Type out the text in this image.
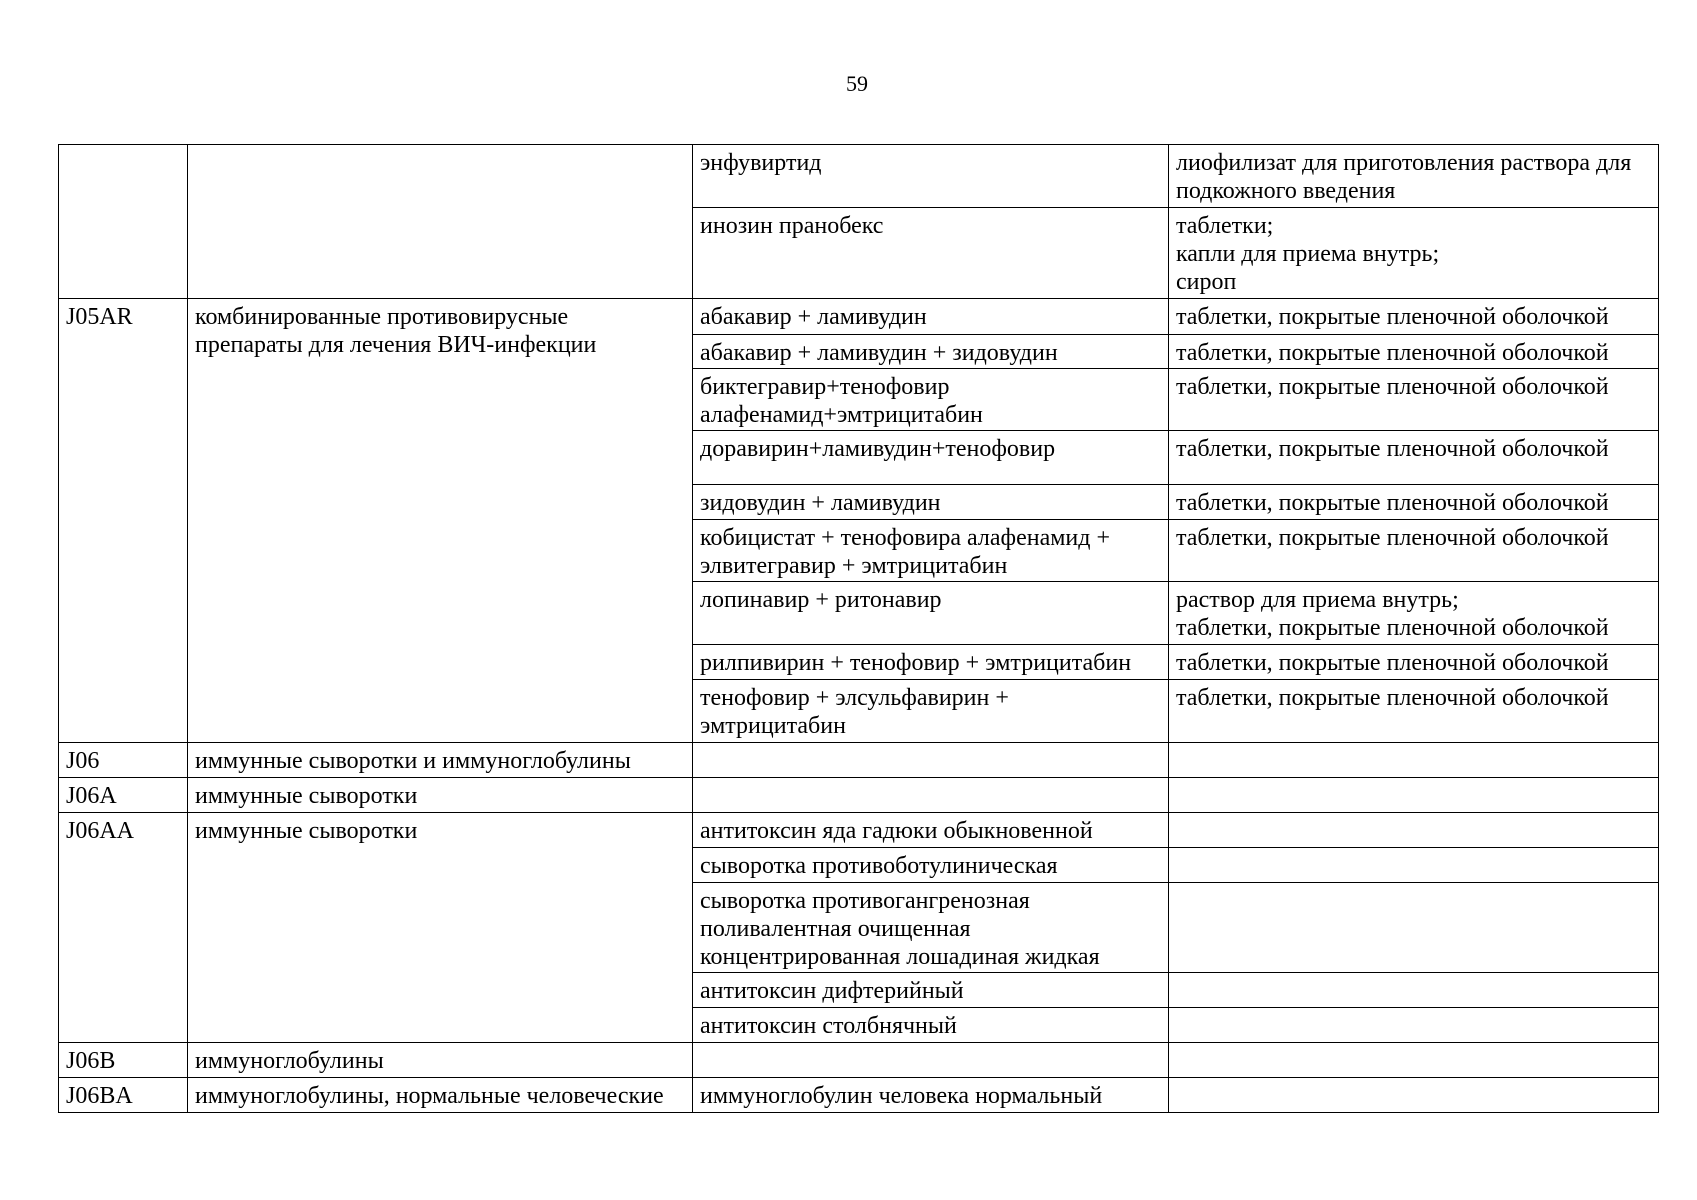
59

		энфувиртид	лиофилизат для приготовления раствора для
подкожного введения

		инозин пранобекс	таблетки;
капли для приема внутрь;
сироп

J05AR	комбинированные противовирусные
препараты для лечения ВИЧ-инфекции	абакавир + ламивудин	таблетки, покрытые пленочной оболочкой

		абакавир + ламивудин + зидовудин	таблетки, покрытые пленочной оболочкой

		биктегравир+тенофовир
алафенамид+эмтрицитабин	таблетки, покрытые пленочной оболочкой

		доравирин+ламивудин+тенофовир	таблетки, покрытые пленочной оболочкой

		зидовудин + ламивудин	таблетки, покрытые пленочной оболочкой

		кобицистат + тенофовира алафенамид +
элвитегравир + эмтрицитабин	таблетки, покрытые пленочной оболочкой

		лопинавир + ритонавир	раствор для приема внутрь;
таблетки, покрытые пленочной оболочкой

		рилпивирин + тенофовир + эмтрицитабин	таблетки, покрытые пленочной оболочкой

		тенофовир + элсульфавирин +
эмтрицитабин	таблетки, покрытые пленочной оболочкой

J06	иммунные сыворотки и иммуноглобулины		

J06A	иммунные сыворотки		

J06AA	иммунные сыворотки	антитоксин яда гадюки обыкновенной	

		сыворотка противоботулиническая	

		сыворотка противогангренозная
поливалентная очищенная
концентрированная лошадиная жидкая	

		антитоксин дифтерийный	

		антитоксин столбнячный	

J06B	иммуноглобулины		

J06BA	иммуноглобулины, нормальные человеческие	иммуноглобулин человека нормальный	
